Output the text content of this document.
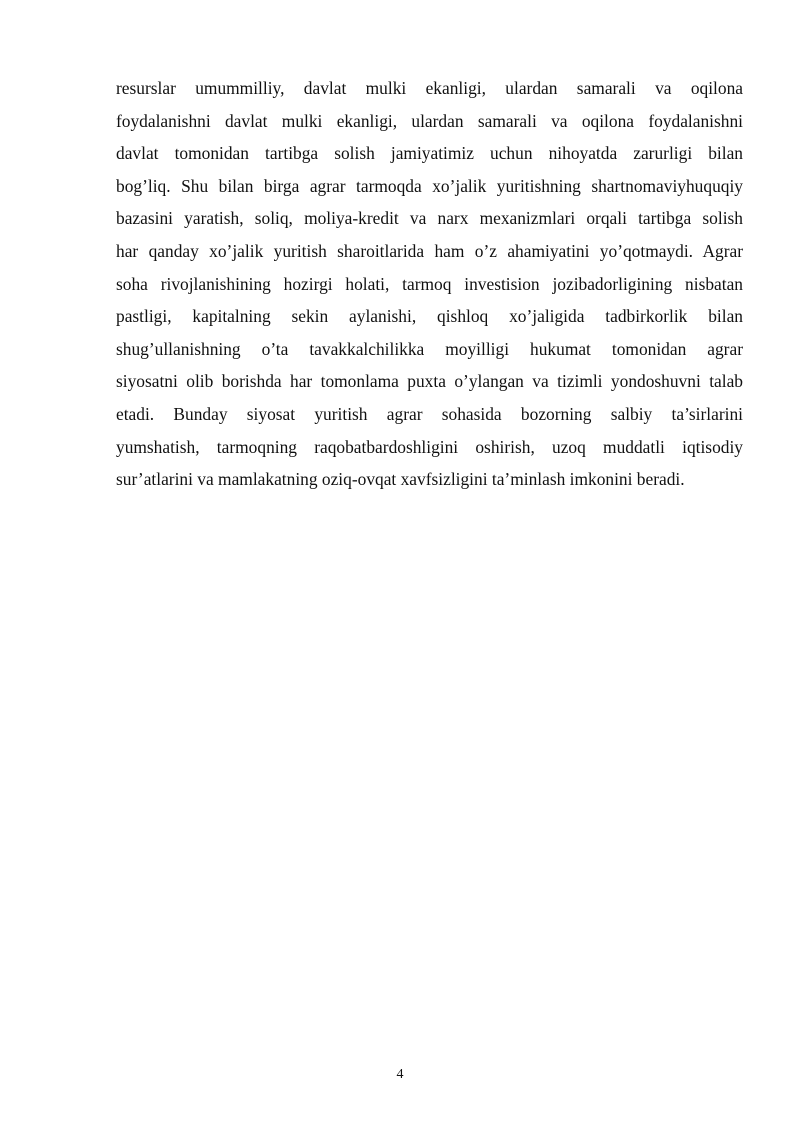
resurslar umummilliy, davlat mulki ekanligi, ulardan samarali va oqilona
foydalanishni davlat mulki ekanligi, ulardan samarali va oqilona foydalanishni
davlat tomonidan tartibga solish jamiyatimiz uchun nihoyatda zarurligi bilan
bog’liq. Shu bilan birga agrar tarmoqda xo’jalik yuritishning shartnomaviyhuquqiy
bazasini yaratish, soliq, moliya-kredit va narx mexanizmlari orqali tartibga solish
har qanday xo’jalik yuritish sharoitlarida ham o’z ahamiyatini yo’qotmaydi. Agrar
soha rivojlanishining hozirgi holati, tarmoq investision jozibadorligining nisbatan
pastligi, kapitalning sekin aylanishi, qishloq xo’jaligida tadbirkorlik bilan
shug’ullanishning o’ta tavakkalchilikka moyilligi hukumat tomonidan agrar
siyosatni olib borishda har tomonlama puxta o’ylangan va tizimli yondoshuvni talab
etadi. Bunday siyosat yuritish agrar sohasida bozorning salbiy ta’sirlarini
yumshatish, tarmoqning raqobatbardoshligini oshirish, uzoq muddatli iqtisodiy
sur’atlarini va mamlakatning oziq-ovqat xavfsizligini ta’minlash imkonini beradi.
4
